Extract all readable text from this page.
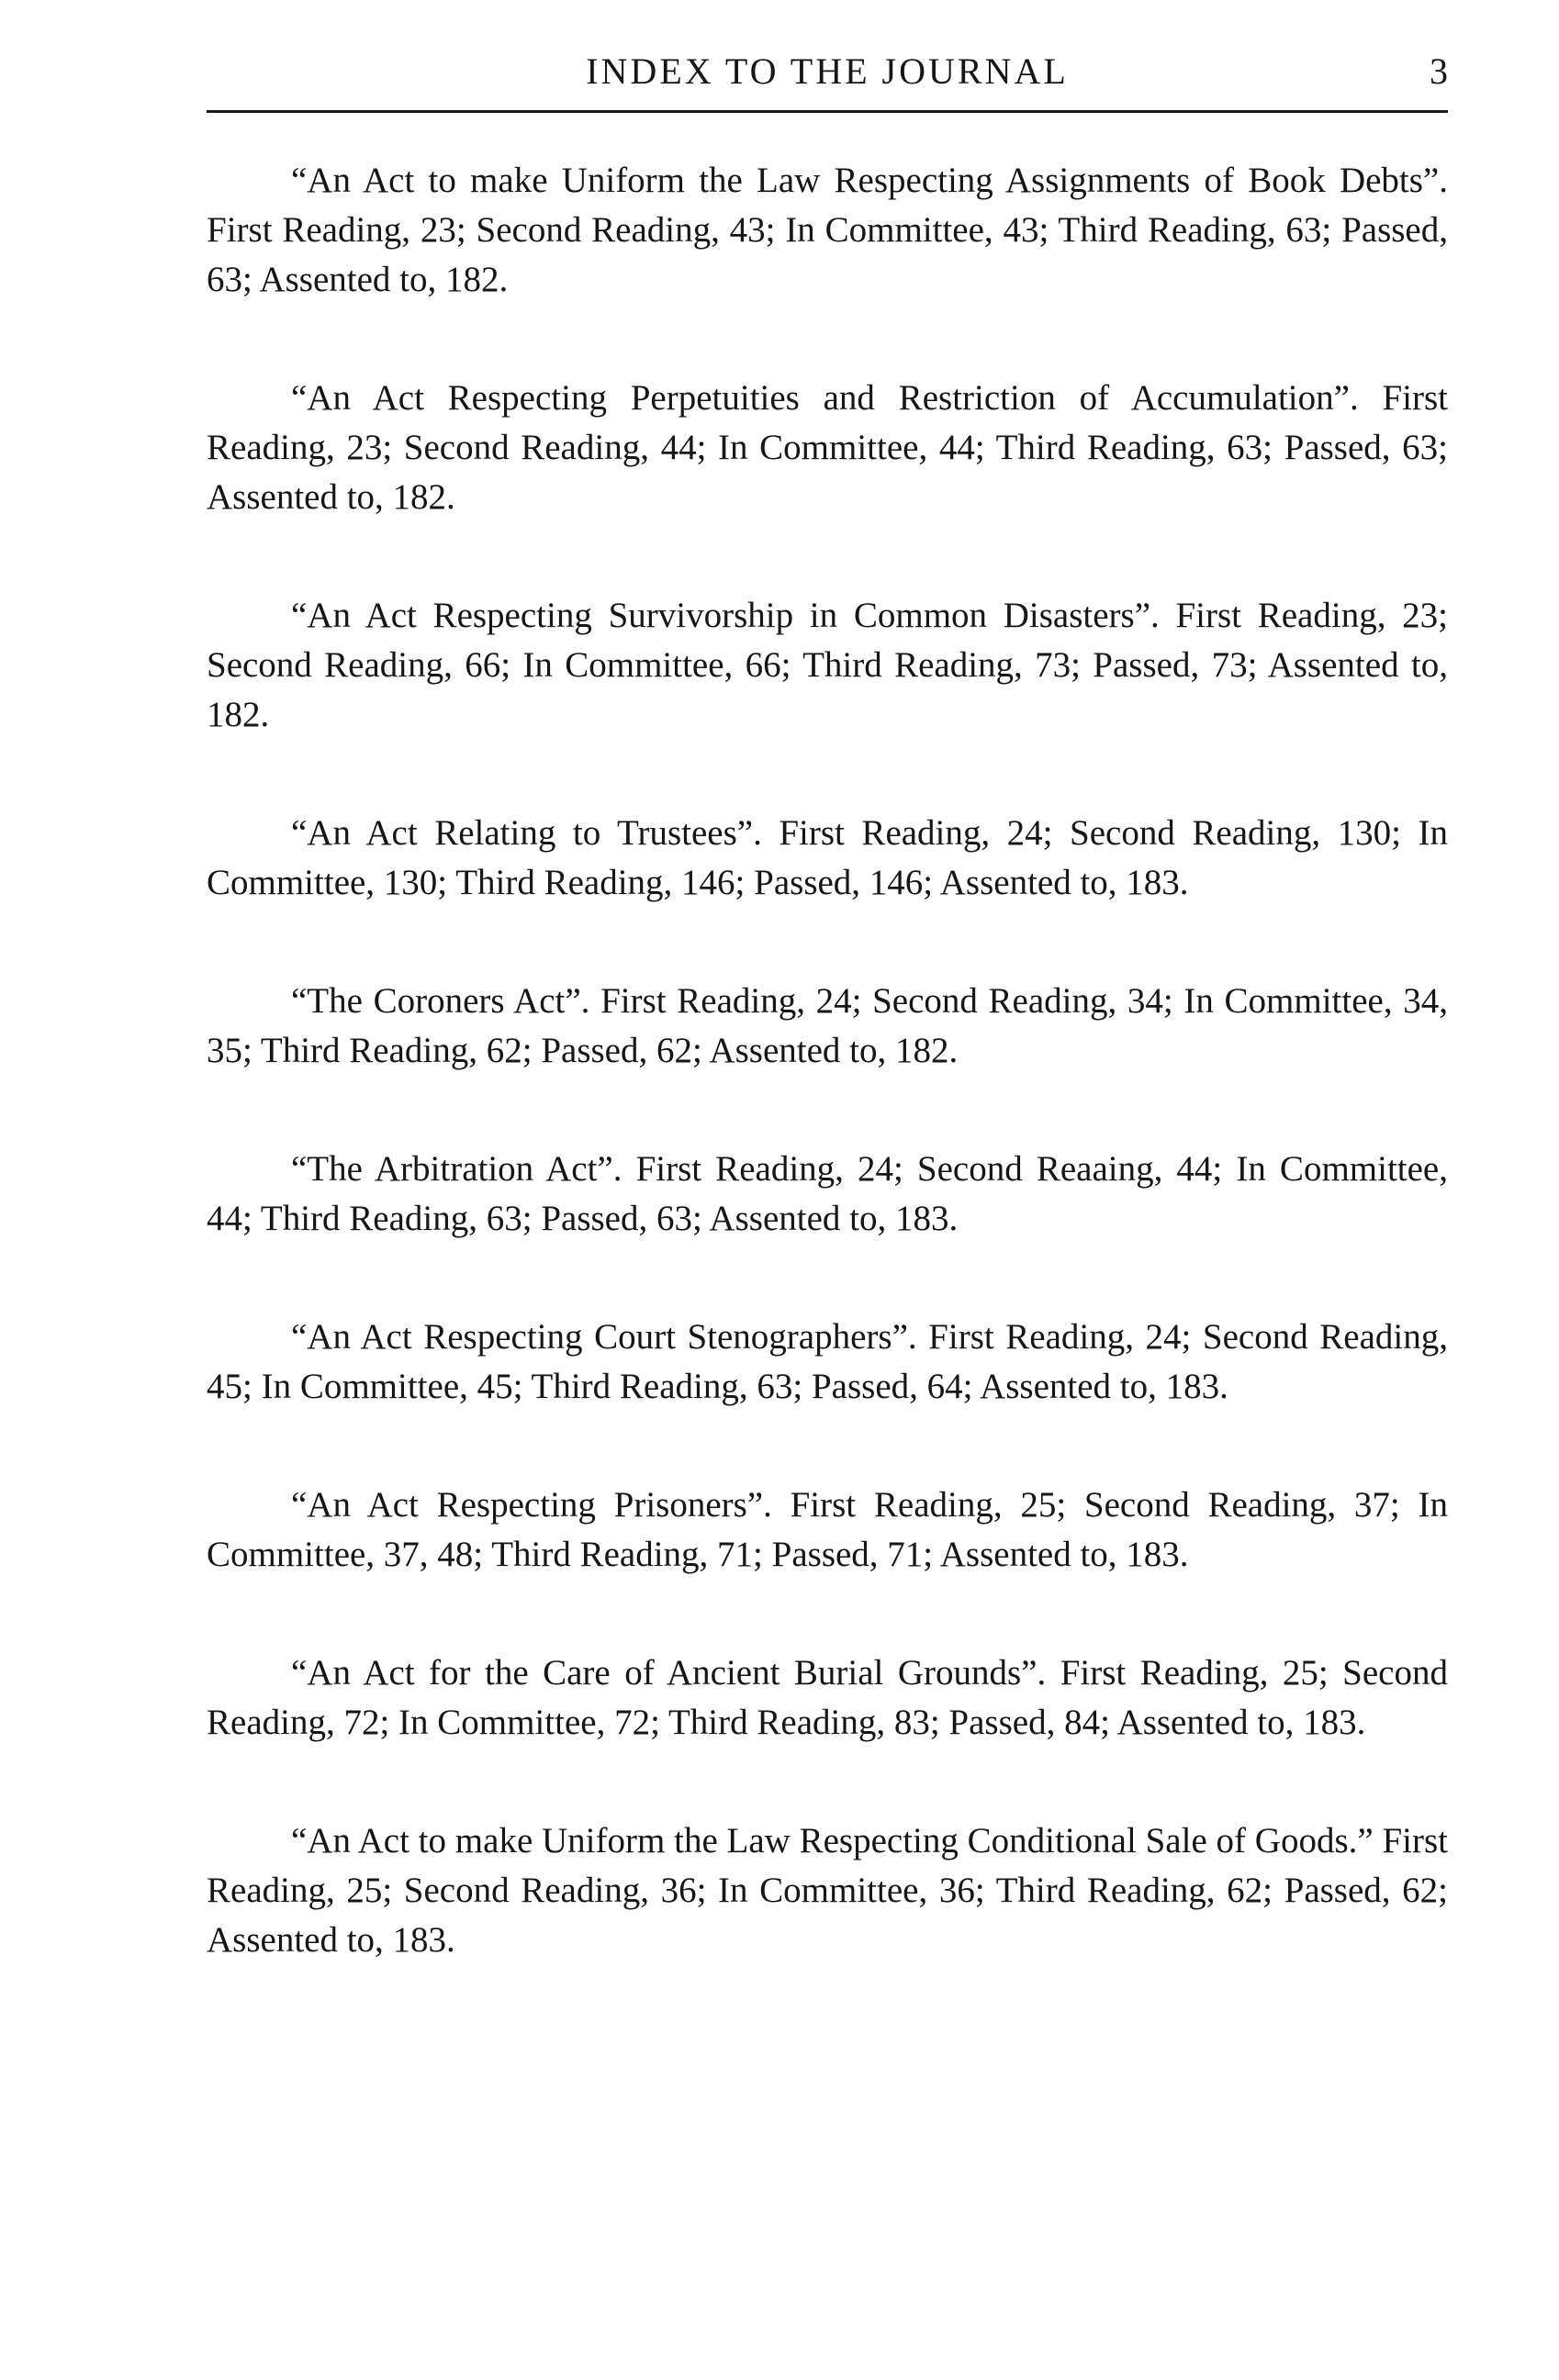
INDEX TO THE JOURNAL	3

“An Act to make Uniform the Law Respecting Assignments of Book Debts”. First Reading, 23; Second Reading, 43; In Committee, 43; Third Reading, 63; Passed, 63; Assented to, 182.

“An Act Respecting Perpetuities and Restriction of Accumulation”. First Reading, 23; Second Reading, 44; In Committee, 44; Third Reading, 63; Passed, 63; Assented to, 182.

“An Act Respecting Survivorship in Common Disasters”. First Reading, 23; Second Reading, 66; In Committee, 66; Third Reading, 73; Passed, 73; Assented to, 182.

“An Act Relating to Trustees”. First Reading, 24; Second Reading, 130; In Committee, 130; Third Reading, 146; Passed, 146; Assented to, 183.

“The Coroners Act”. First Reading, 24; Second Reading, 34; In Committee, 34, 35; Third Reading, 62; Passed, 62; Assented to, 182.

“The Arbitration Act”. First Reading, 24; Second Reaaing, 44; In Committee, 44; Third Reading, 63; Passed, 63; Assented to, 183.

“An Act Respecting Court Stenographers”. First Reading, 24; Second Reading, 45; In Committee, 45; Third Reading, 63; Passed, 64; Assented to, 183.

“An Act Respecting Prisoners”. First Reading, 25; Second Reading, 37; In Committee, 37, 48; Third Reading, 71; Passed, 71; Assented to, 183.

“An Act for the Care of Ancient Burial Grounds”. First Reading, 25; Second Reading, 72; In Committee, 72; Third Reading, 83; Passed, 84; Assented to, 183.

“An Act to make Uniform the Law Respecting Conditional Sale of Goods.” First Reading, 25; Second Reading, 36; In Committee, 36; Third Reading, 62; Passed, 62; Assented to, 183.
